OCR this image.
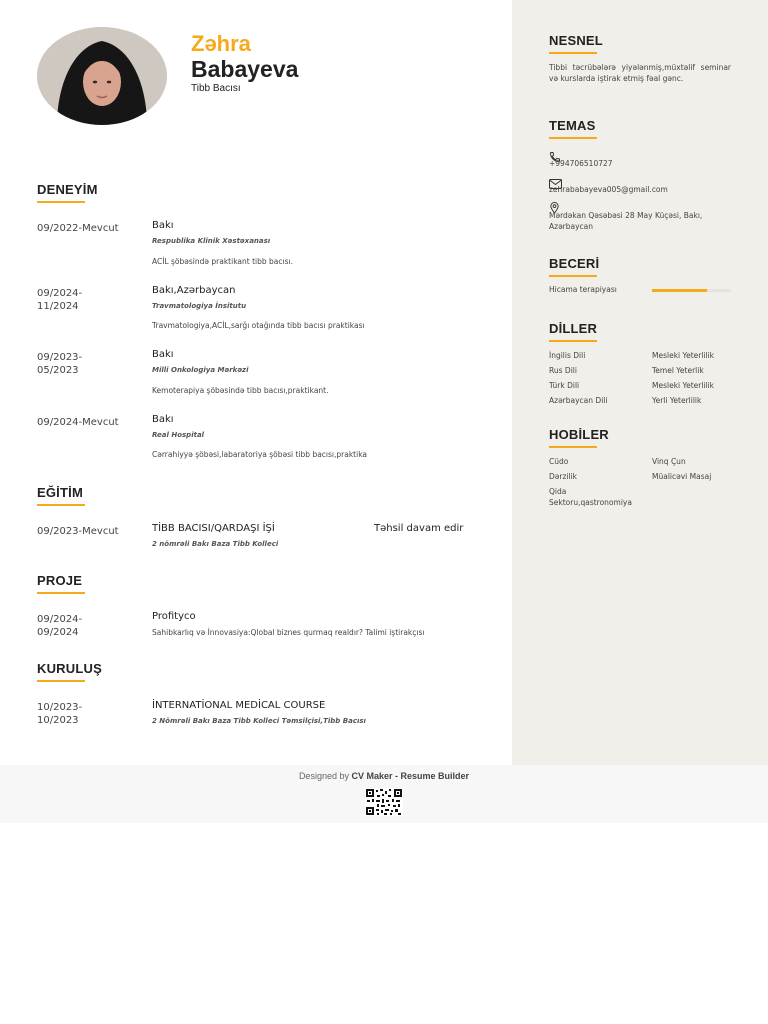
Zəhra
Babayeva
Tibb Bacısı
DENEYİM
09/2022-Mevcut	Bakı
Respublika Klinik Xəstəxanası
ACİL şöbəsində praktikant tibb bacısı.
09/2024-
11/2024
Bakı,Azərbaycan
Travmatologiya İnsitutu
Travmatologiya,ACİL,sarğı otağında tibb bacısı praktikası
09/2023-
05/2023
Bakı
Milli Onkologiya Mərkəzi
Kemoterapiya şöbəsində tibb bacısı,praktikant.
09/2024-Mevcut	Bakı
Real Hospital
Cərrahiyyə şöbəsi,labaratoriya şöbəsi tibb bacısı,praktika
EĞİTİM
09/2023-Mevcut	TİBB BACISI/QARDAŞI İŞİ	Təhsil davam edir
2 nömrəli Bakı Baza Tibb Kolleci
PROJE
09/2024-
09/2024
Profityco
Sahibkarlıq və İnnovasiya:Qlobal biznes qurmaq realdır? Talimi iştirakçısı
KURULUŞ
10/2023-
10/2023
İNTERNATİONAL MEDİCAL COURSE
2 Nömrəli Bakı Baza Tibb Kolleci Təmsilçisi,Tibb Bacısı
NESNEL
Tibbi təcrübələrə yiyələnmiş,müxtəlif seminar və kurslarda iştirak etmiş fəal gənc.
TEMAS
+994706510727
zehrababayeva005@gmail.com
Mərdəkan Qəsəbəsi 28 May Küçəsi, Bakı, Azərbaycan
BECERİ
Hicama terapiyası
DİLLER
İngilis Dili	Mesleki Yeterlilik
Rus Dili	Temel Yeterlik
Türk Dili	Mesleki Yeterlilik
Azərbaycan Dili	Yerli Yeterlilik
HOBİLER
Cüdo	Vinq Çun
Dərzilik	Müalicəvi Masaj
Qida Sektoru,qastronomiya
Designed by CV Maker - Resume Builder
